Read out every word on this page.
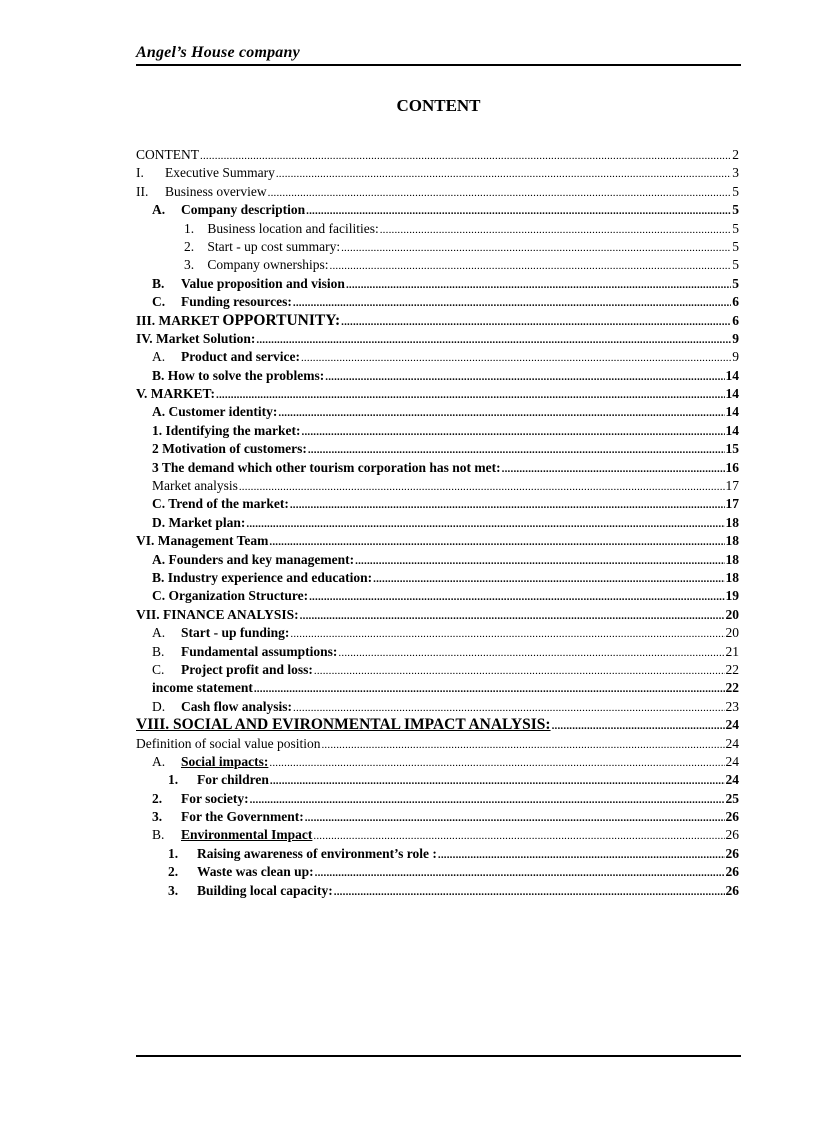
Angel’s House company
CONTENT
CONTENT .....	2
I. Executive Summary .....	3
II. Business overview .....	5
A. Company description .....	5
1. Business location and facilities: .....	5
2. Start - up cost summary: .....	5
3. Company ownerships: .....	5
B. Value proposition and vision .....	5
C. Funding resources: .....	6
III. MARKET OPPORTUNITY: .....	6
IV. Market Solution: .....	9
A. Product and service: .....	9
B. How to solve the problems: .....	14
V. MARKET: .....	14
A. Customer identity: .....	14
1. Identifying the market: .....	14
2 Motivation of customers: .....	15
3 The demand which other tourism corporation has not met: .....	16
Market analysis .....	17
C. Trend of the market: .....	17
D. Market plan: .....	18
VI. Management Team .....	18
A. Founders and key management: .....	18
B. Industry experience and education: .....	18
C. Organization Structure: .....	19
VII. FINANCE ANALYSIS: .....	20
A. Start - up funding: .....	20
B. Fundamental assumptions: .....	21
C. Project profit and loss: .....	22
income statement .....	22
D. Cash flow analysis: .....	23
VIII. SOCIAL AND EVIRONMENTAL IMPACT ANALYSIS: .....	24
Definition of social value position .....	24
A. Social impacts: .....	24
1. For children .....	24
2. For society: .....	25
3. For the Government: .....	26
B. Environmental Impact .....	26
1. Raising awareness of environment’s role : .....	26
2. Waste was clean up: .....	26
3. Building local capacity: .....	26
